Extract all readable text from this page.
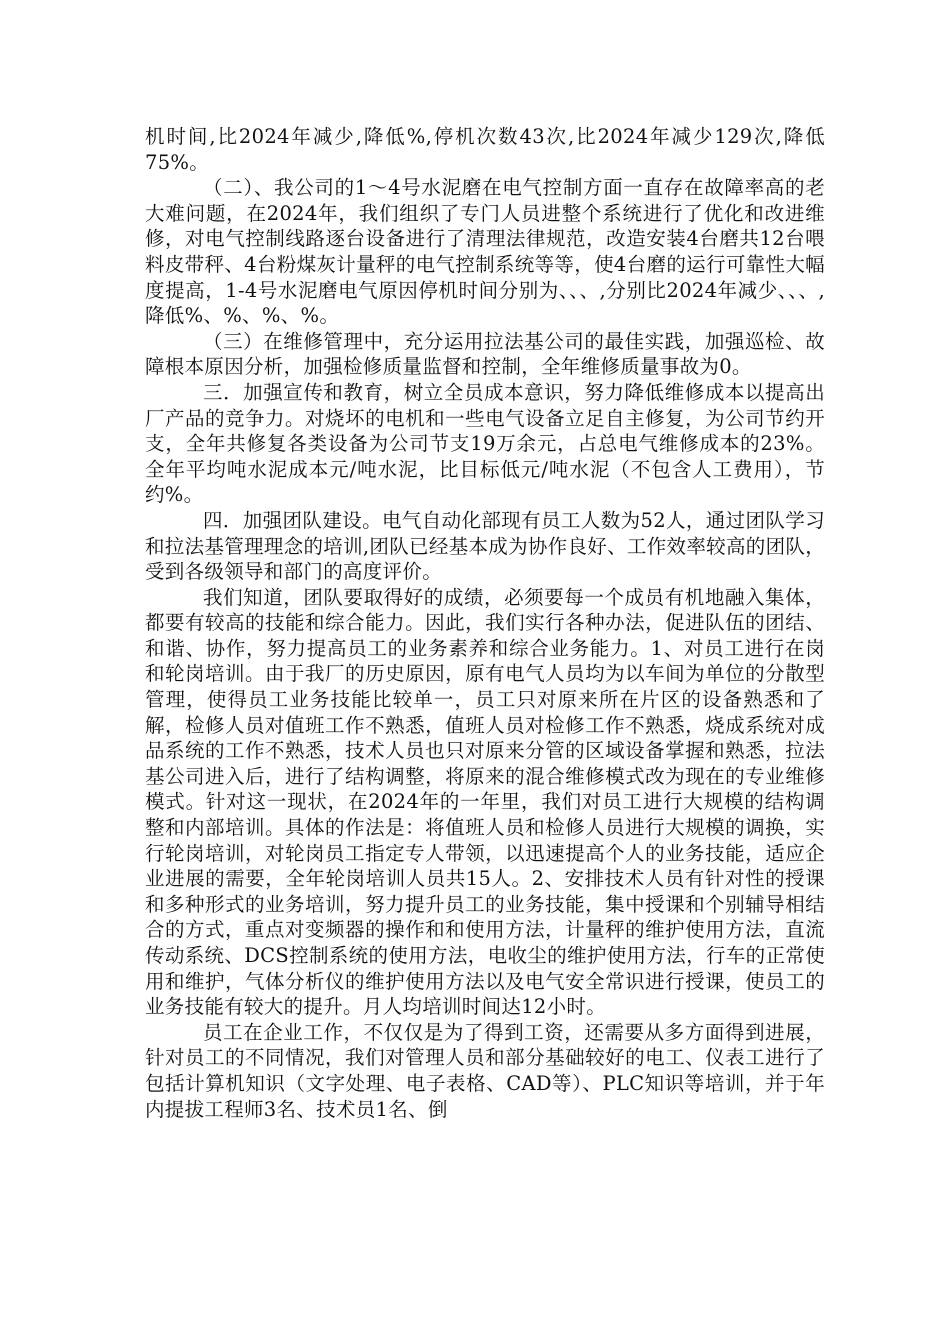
机时间,比2024年减少,降低%,停机次数43次,比2024年减少129次,降低75%。

（二）、我公司的1～4号水泥磨在电气控制方面一直存在故障率高的老大难问题，在2024年，我们组织了专门人员进整个系统进行了优化和改进维修，对电气控制线路逐台设备进行了清理法律规范，改造安装4台磨共12台喂料皮带秤、4台粉煤灰计量秤的电气控制系统等等，使4台磨的运行可靠性大幅度提高，1-4号水泥磨电气原因停机时间分别为、、、,分别比2024年减少、、、,降低%、%、%、%。

（三）在维修管理中，充分运用拉法基公司的最佳实践，加强巡检、故障根本原因分析，加强检修质量监督和控制，全年维修质量事故为0。

三．加强宣传和教育，树立全员成本意识，努力降低维修成本以提高出厂产品的竞争力。对烧坏的电机和一些电气设备立足自主修复，为公司节约开支，全年共修复各类设备为公司节支19万余元，占总电气维修成本的23%。全年平均吨水泥成本元/吨水泥，比目标低元/吨水泥（不包含人工费用），节约%。

四．加强团队建设。电气自动化部现有员工人数为52人，通过团队学习和拉法基管理理念的培训,团队已经基本成为协作良好、工作效率较高的团队，受到各级领导和部门的高度评价。

我们知道，团队要取得好的成绩，必须要每一个成员有机地融入集体，都要有较高的技能和综合能力。因此，我们实行各种办法，促进队伍的团结、和谐、协作，努力提高员工的业务素养和综合业务能力。1、对员工进行在岗和轮岗培训。由于我厂的历史原因，原有电气人员均为以车间为单位的分散型管理，使得员工业务技能比较单一，员工只对原来所在片区的设备熟悉和了解，检修人员对值班工作不熟悉，值班人员对检修工作不熟悉，烧成系统对成品系统的工作不熟悉，技术人员也只对原来分管的区域设备掌握和熟悉，拉法基公司进入后，进行了结构调整，将原来的混合维修模式改为现在的专业维修模式。针对这一现状，在2024年的一年里，我们对员工进行大规模的结构调整和内部培训。具体的作法是：将值班人员和检修人员进行大规模的调换，实行轮岗培训，对轮岗员工指定专人带领，以迅速提高个人的业务技能，适应企业进展的需要，全年轮岗培训人员共15人。2、安排技术人员有针对性的授课和多种形式的业务培训，努力提升员工的业务技能，集中授课和个别辅导相结合的方式，重点对变频器的操作和和使用方法，计量秤的维护使用方法，直流传动系统、DCS控制系统的使用方法，电收尘的维护使用方法，行车的正常使用和维护，气体分析仪的维护使用方法以及电气安全常识进行授课，使员工的业务技能有较大的提升。月人均培训时间达12小时。

员工在企业工作，不仅仅是为了得到工资，还需要从多方面得到进展，针对员工的不同情况，我们对管理人员和部分基础较好的电工、仪表工进行了包括计算机知识（文字处理、电子表格、CAD等）、PLC知识等培训，并于年内提拔工程师3名、技术员1名、倒
